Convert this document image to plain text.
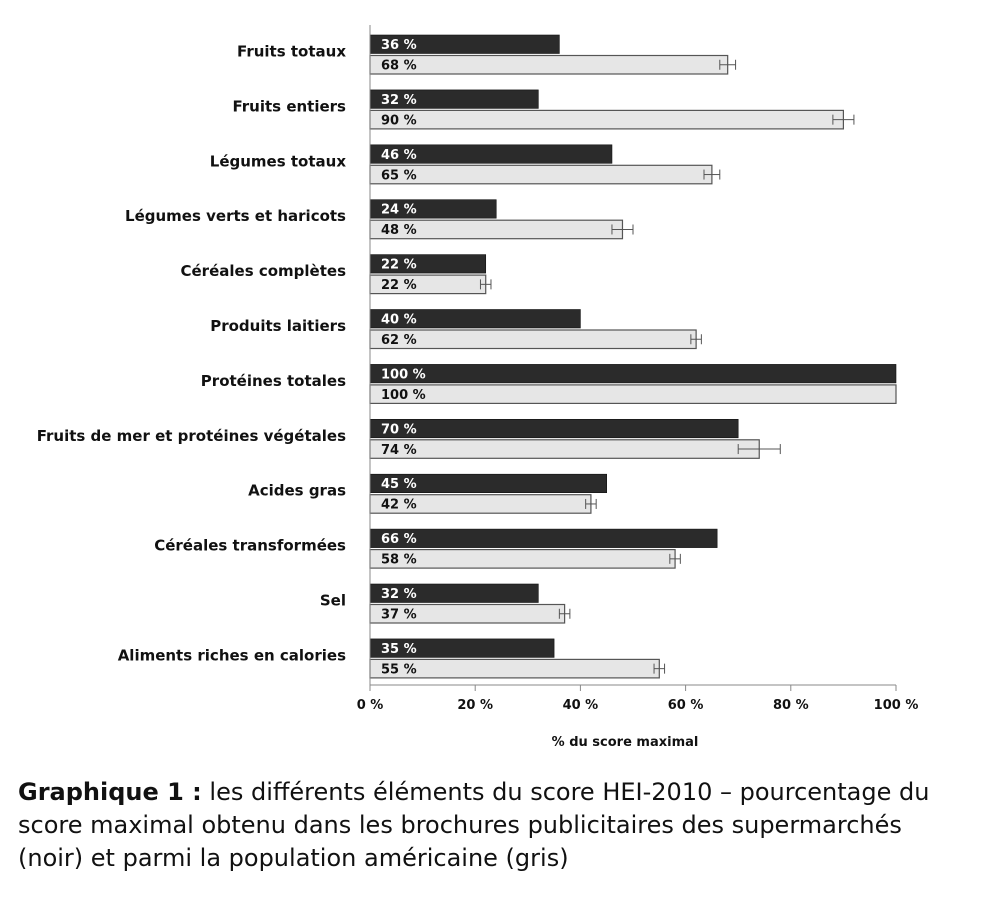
Fruits totaux	36 %
68 %
Fruits entiers	32 %
90 %
Légumes totaux	46 %
65 %
Légumes verts et haricots	24 %
48 %
Céréales complètes	22 %
22 %
Produits laitiers	40 %
62 %
Protéines totales	100 %
100 %
Fruits de mer et protéines végétales	70 %
74 %
Acides gras	45 %
42 %
Céréales transformées	66 %
58 %
Sel	32 %
37 %
Aliments riches en calories	35 %
55 %
0 %	20 %	40 %	60 %	80 %	100 %
% du score maximal
Graphique 1 : les différents éléments du score HEI-2010 – pourcentage du score maximal obtenu dans les brochures publicitaires des supermarchés (noir) et parmi la population américaine (gris)
